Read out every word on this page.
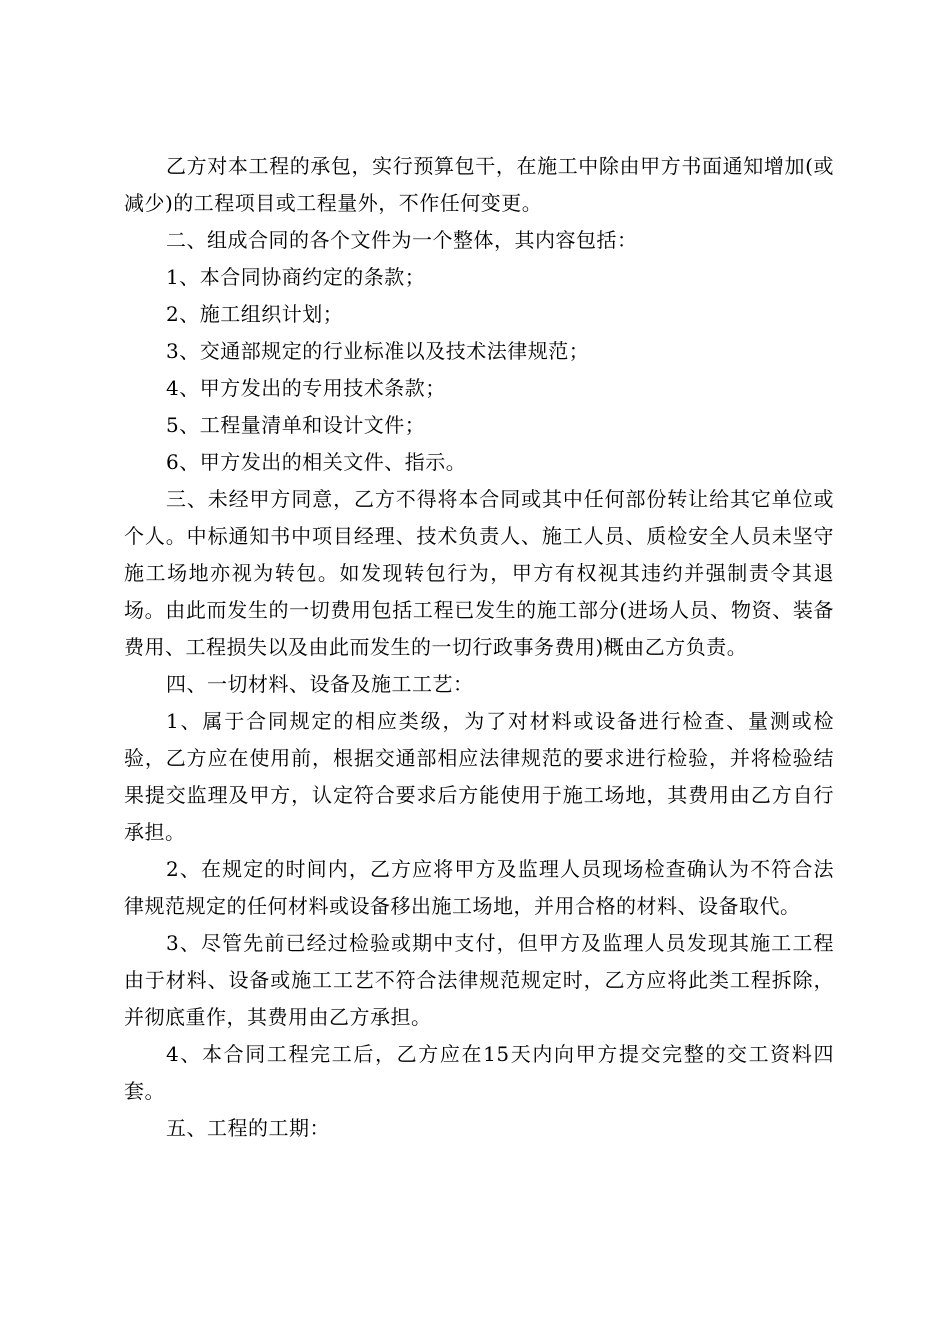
乙方对本工程的承包，实行预算包干，在施工中除由甲方书面通知增加(或减少)的工程项目或工程量外，不作任何变更。

二、组成合同的各个文件为一个整体，其内容包括：

1、本合同协商约定的条款；

2、施工组织计划；

3、交通部规定的行业标准以及技术法律规范；

4、甲方发出的专用技术条款；

5、工程量清单和设计文件；

6、甲方发出的相关文件、指示。

三、未经甲方同意，乙方不得将本合同或其中任何部份转让给其它单位或个人。中标通知书中项目经理、技术负责人、施工人员、质检安全人员未坚守施工场地亦视为转包。如发现转包行为，甲方有权视其违约并强制责令其退场。由此而发生的一切费用包括工程已发生的施工部分(进场人员、物资、装备费用、工程损失以及由此而发生的一切行政事务费用)概由乙方负责。

四、一切材料、设备及施工工艺：

1、属于合同规定的相应类级，为了对材料或设备进行检查、量测或检验，乙方应在使用前，根据交通部相应法律规范的要求进行检验，并将检验结果提交监理及甲方，认定符合要求后方能使用于施工场地，其费用由乙方自行承担。

2、在规定的时间内，乙方应将甲方及监理人员现场检查确认为不符合法律规范规定的任何材料或设备移出施工场地，并用合格的材料、设备取代。

3、尽管先前已经过检验或期中支付，但甲方及监理人员发现其施工工程由于材料、设备或施工工艺不符合法律规范规定时，乙方应将此类工程拆除，并彻底重作，其费用由乙方承担。

4、本合同工程完工后，乙方应在15天内向甲方提交完整的交工资料四套。

五、工程的工期：
